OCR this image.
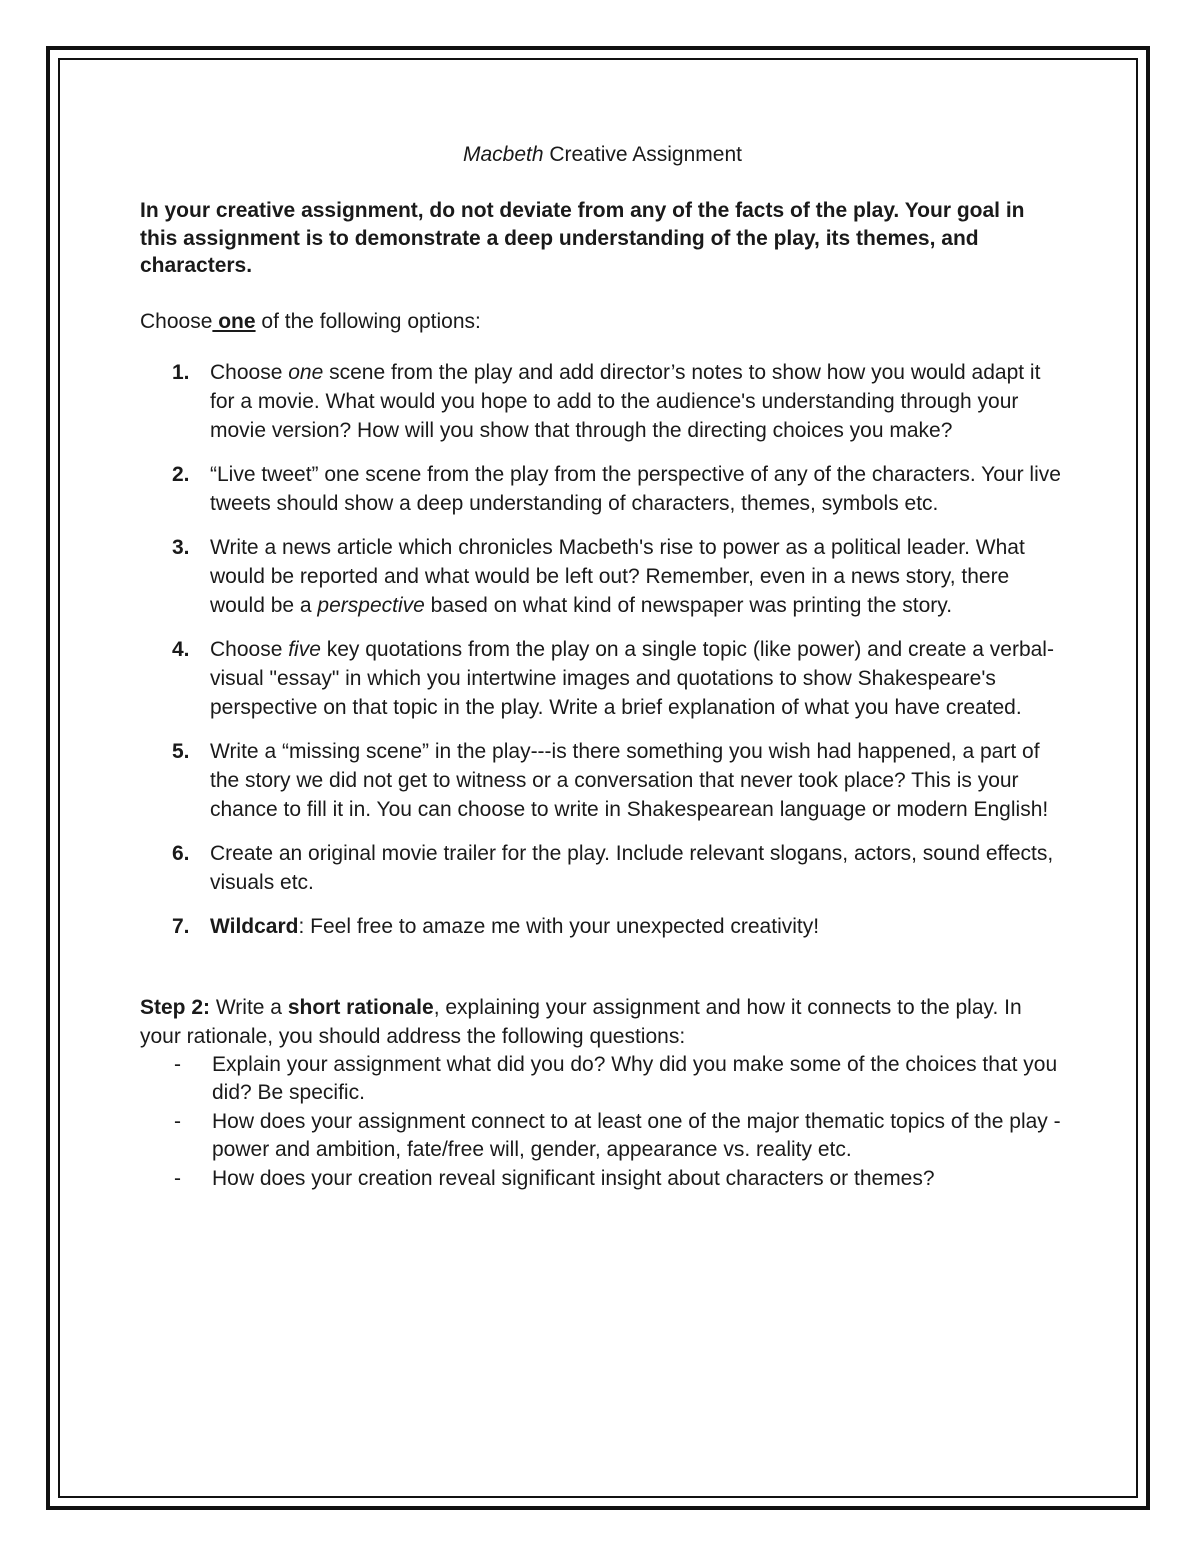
Macbeth Creative Assignment

In your creative assignment, do not deviate from any of the facts of the play. Your goal in this assignment is to demonstrate a deep understanding of the play, its themes, and characters.

Choose one of the following options:

1. Choose one scene from the play and add director’s notes to show how you would adapt it for a movie. What would you hope to add to the audience's understanding through your movie version? How will you show that through the directing choices you make?
2. “Live tweet” one scene from the play from the perspective of any of the characters. Your live tweets should show a deep understanding of characters, themes, symbols etc.
3. Write a news article which chronicles Macbeth's rise to power as a political leader. What would be reported and what would be left out? Remember, even in a news story, there would be a perspective based on what kind of newspaper was printing the story.
4. Choose five key quotations from the play on a single topic (like power) and create a verbal-visual "essay" in which you intertwine images and quotations to show Shakespeare's perspective on that topic in the play. Write a brief explanation of what you have created.
5. Write a “missing scene” in the play---is there something you wish had happened, a part of the story we did not get to witness or a conversation that never took place? This is your chance to fill it in. You can choose to write in Shakespearean language or modern English!
6. Create an original movie trailer for the play. Include relevant slogans, actors, sound effects, visuals etc.
7. Wildcard: Feel free to amaze me with your unexpected creativity!

Step 2: Write a short rationale, explaining your assignment and how it connects to the play. In your rationale, you should address the following questions:

- Explain your assignment what did you do? Why did you make some of the choices that you did? Be specific.
- How does your assignment connect to at least one of the major thematic topics of the play - power and ambition, fate/free will, gender, appearance vs. reality etc.
- How does your creation reveal significant insight about characters or themes?
